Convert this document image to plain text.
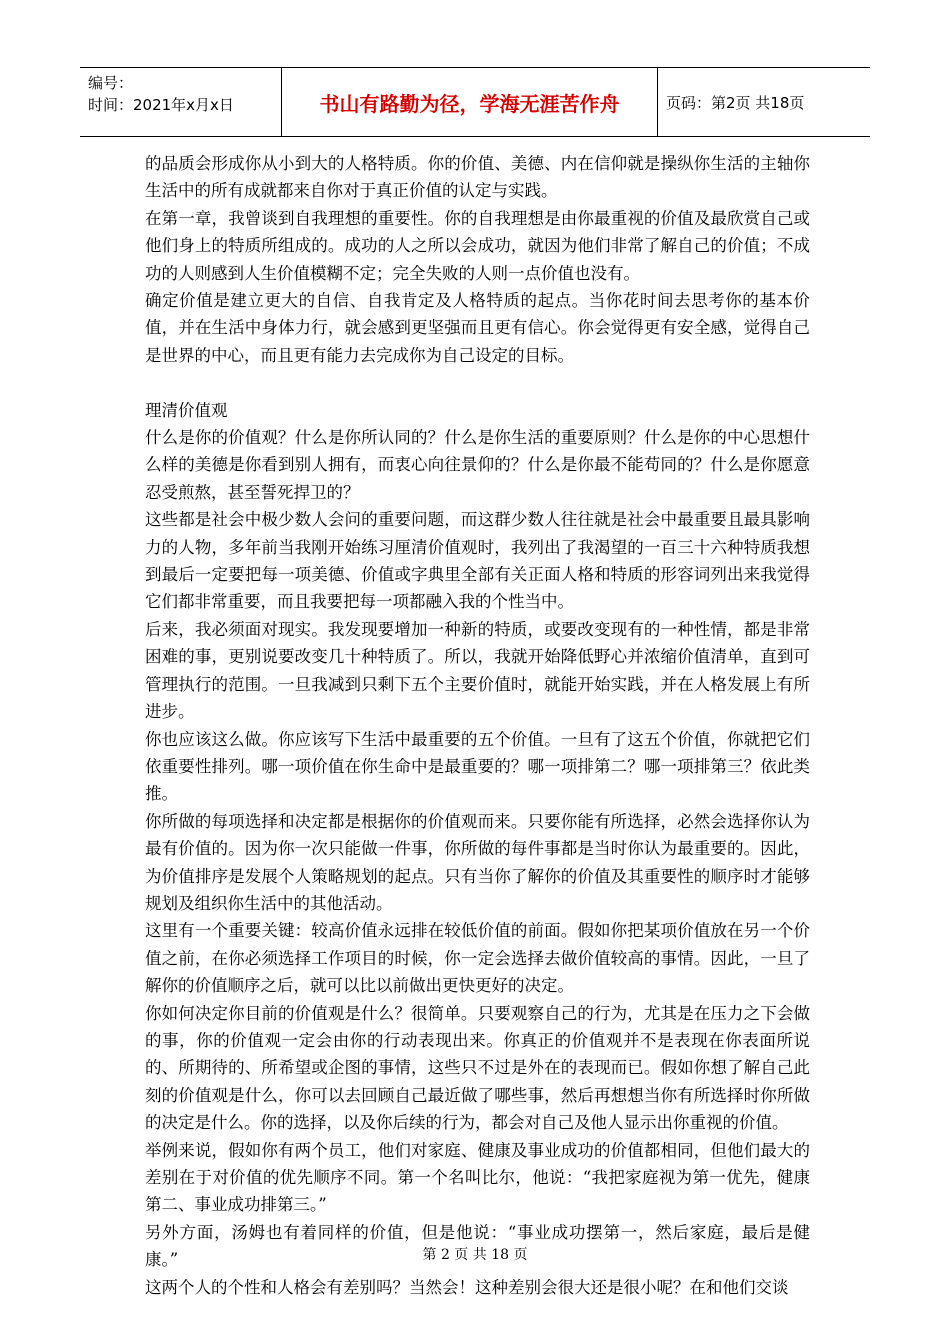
编号：
时间：2021年x月x日	书山有路勤为径，学海无涯苦作舟	页码：第2页 共18页

的品质会形成你从小到大的人格特质。你的价值、美德、内在信仰就是操纵你生活的主轴你生活中的所有成就都来自你对于真正价值的认定与实践。

在第一章，我曾谈到自我理想的重要性。你的自我理想是由你最重视的价值及最欣赏自己或他们身上的特质所组成的。成功的人之所以会成功，就因为他们非常了解自己的价值；不成功的人则感到人生价值模糊不定；完全失败的人则一点价值也没有。

确定价值是建立更大的自信、自我肯定及人格特质的起点。当你花时间去思考你的基本价值，并在生活中身体力行，就会感到更坚强而且更有信心。你会觉得更有安全感，觉得自己是世界的中心，而且更有能力去完成你为自己设定的目标。

理清价值观

什么是你的价值观？什么是你所认同的？什么是你生活的重要原则？什么是你的中心思想什么样的美德是你看到别人拥有，而衷心向往景仰的？什么是你最不能苟同的？什么是你愿意忍受煎熬，甚至誓死捍卫的？

这些都是社会中极少数人会问的重要问题，而这群少数人往往就是社会中最重要且最具影响力的人物，多年前当我刚开始练习厘清价值观时，我列出了我渴望的一百三十六种特质我想到最后一定要把每一项美德、价值或字典里全部有关正面人格和特质的形容词列出来我觉得它们都非常重要，而且我要把每一项都融入我的个性当中。

后来，我必须面对现实。我发现要增加一种新的特质，或要改变现有的一种性情，都是非常困难的事，更别说要改变几十种特质了。所以，我就开始降低野心并浓缩价值清单，直到可管理执行的范围。一旦我减到只剩下五个主要价值时，就能开始实践，并在人格发展上有所进步。

你也应该这么做。你应该写下生活中最重要的五个价值。一旦有了这五个价值，你就把它们依重要性排列。哪一项价值在你生命中是最重要的？哪一项排第二？哪一项排第三？依此类推。

你所做的每项选择和决定都是根据你的价值观而来。只要你能有所选择，必然会选择你认为最有价值的。因为你一次只能做一件事，你所做的每件事都是当时你认为最重要的。因此，为价值排序是发展个人策略规划的起点。只有当你了解你的价值及其重要性的顺序时才能够规划及组织你生活中的其他活动。

这里有一个重要关键：较高价值永远排在较低价值的前面。假如你把某项价值放在另一个价值之前，在你必须选择工作项目的时候，你一定会选择去做价值较高的事情。因此，一旦了解你的价值顺序之后，就可以比以前做出更快更好的决定。

你如何决定你目前的价值观是什么？很简单。只要观察自己的行为，尤其是在压力之下会做的事，你的价值观一定会由你的行动表现出来。你真正的价值观并不是表现在你表面所说的、所期待的、所希望或企图的事情，这些只不过是外在的表现而已。假如你想了解自己此刻的价值观是什么，你可以去回顾自己最近做了哪些事，然后再想想当你有所选择时你所做的决定是什么。你的选择，以及你后续的行为，都会对自己及他人显示出你重视的价值。

举例来说，假如你有两个员工，他们对家庭、健康及事业成功的价值都相同，但他们最大的差别在于对价值的优先顺序不同。第一个名叫比尔，他说：“我把家庭视为第一优先，健康第二、事业成功排第三。”

另外方面，汤姆也有着同样的价值，但是他说：“事业成功摆第一，然后家庭，最后是健康。”

这两个人的个性和人格会有差别吗？当然会！这种差别会很大还是很小呢？在和他们交谈

第 2 页 共 18 页
